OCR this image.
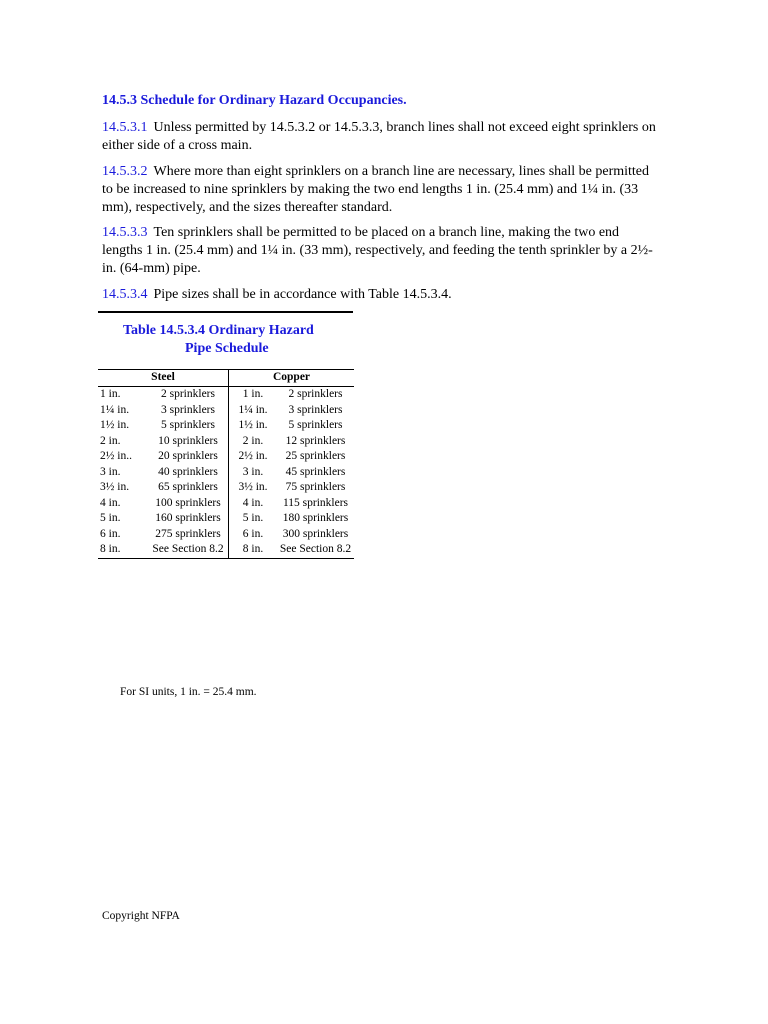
14.5.3 Schedule for Ordinary Hazard Occupancies.
14.5.3.1 Unless permitted by 14.5.3.2 or 14.5.3.3, branch lines shall not exceed eight sprinklers on either side of a cross main.
14.5.3.2 Where more than eight sprinklers on a branch line are necessary, lines shall be permitted to be increased to nine sprinklers by making the two end lengths 1 in. (25.4 mm) and 1¼ in. (33 mm), respectively, and the sizes thereafter standard.
14.5.3.3 Ten sprinklers shall be permitted to be placed on a branch line, making the two end lengths 1 in. (25.4 mm) and 1¼ in. (33 mm), respectively, and feeding the tenth sprinkler by a 2½-in. (64-mm) pipe.
14.5.3.4 Pipe sizes shall be in accordance with Table 14.5.3.4.
Table 14.5.3.4 Ordinary Hazard
Pipe Schedule
Steel		Copper	
1 in.	2 sprinklers	1 in.	2 sprinklers
1¼ in.	3 sprinklers	1¼ in.	3 sprinklers
1½ in.	5 sprinklers	1½ in.	5 sprinklers
2 in.	10 sprinklers	2 in.	12 sprinklers
2½ in..	20 sprinklers	2½ in.	25 sprinklers
3 in.	40 sprinklers	3 in.	45 sprinklers
3½ in.	65 sprinklers	3½ in.	75 sprinklers
4 in.	100 sprinklers	4 in.	115 sprinklers
5 in.	160 sprinklers	5 in.	180 sprinklers
6 in.	275 sprinklers	6 in.	300 sprinklers
8 in.	See Section 8.2	8 in.	See Section 8.2
For SI units, 1 in. = 25.4 mm.
Copyright NFPA
